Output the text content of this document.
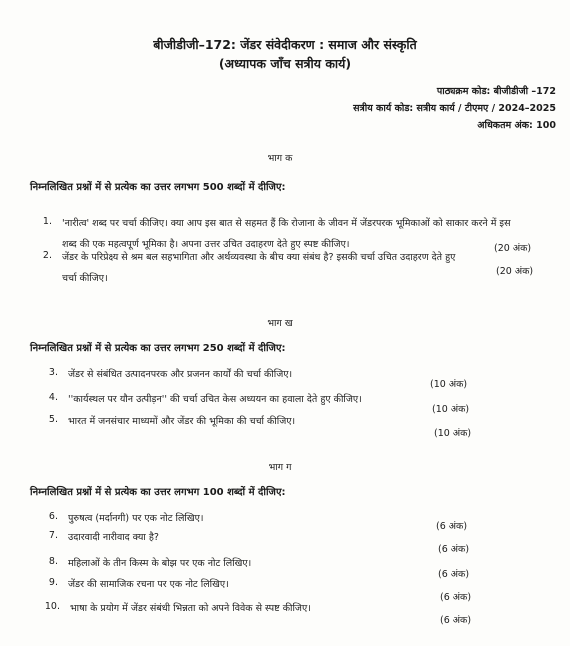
बीजीडीजी–172: जेंडर संवेदीकरण : समाज और संस्कृति
(अध्यापक जाँच सत्रीय कार्य)
पाठ्यक्रम कोड: बीजीडीजी –172
सत्रीय कार्य कोड: सत्रीय कार्य / टीएमए / 2024–2025
अधिकतम अंक: 100
भाग क
निम्नलिखित प्रश्नों में से प्रत्येक का उत्तर लगभग 500 शब्दों में दीजिए:
1. 'नारीत्व' शब्द पर चर्चा कीजिए। क्या आप इस बात से सहमत हैं कि रोजाना के जीवन में जेंडरपरक भूमिकाओं को साकार करने में इस
शब्द की एक महत्वपूर्ण भूमिका है। अपना उत्तर उचित उदाहरण देते हुए स्पष्ट कीजिए।	(20 अंक)
2. जेंडर के परिप्रेक्ष्य से श्रम बल सहभागिता और अर्थव्यवस्था के बीच क्या संबंध है? इसकी चर्चा उचित उदाहरण देते हुए
चर्चा कीजिए।
(20 अंक)
भाग ख
निम्नलिखित प्रश्नों में से प्रत्येक का उत्तर लगभग 250 शब्दों में दीजिए:
3. जेंडर से संबंधित उत्पादनपरक और प्रजनन कार्यों की चर्चा कीजिए।
(10 अंक)
4. ''कार्यस्थल पर यौन उत्पीड़न'' की चर्चा उचित केस अध्ययन का हवाला देते हुए कीजिए।
(10 अंक)
5. भारत में जनसंचार माध्यमों और जेंडर की भूमिका की चर्चा कीजिए।
(10 अंक)
भाग ग
निम्नलिखित प्रश्नों में से प्रत्येक का उत्तर लगभग 100 शब्दों में दीजिए:
6. पुरुषत्व (मर्दानगी) पर एक नोट लिखिए।
(6 अंक)
7. उदारवादी नारीवाद क्या है?
(6 अंक)
8. महिलाओं के तीन किस्म के बोझ पर एक नोट लिखिए।
(6 अंक)
9. जेंडर की सामाजिक रचना पर एक नोट लिखिए।
(6 अंक)
10. भाषा के प्रयोग में जेंडर संबंधी भिन्नता को अपने विवेक से स्पष्ट कीजिए।
(6 अंक)
